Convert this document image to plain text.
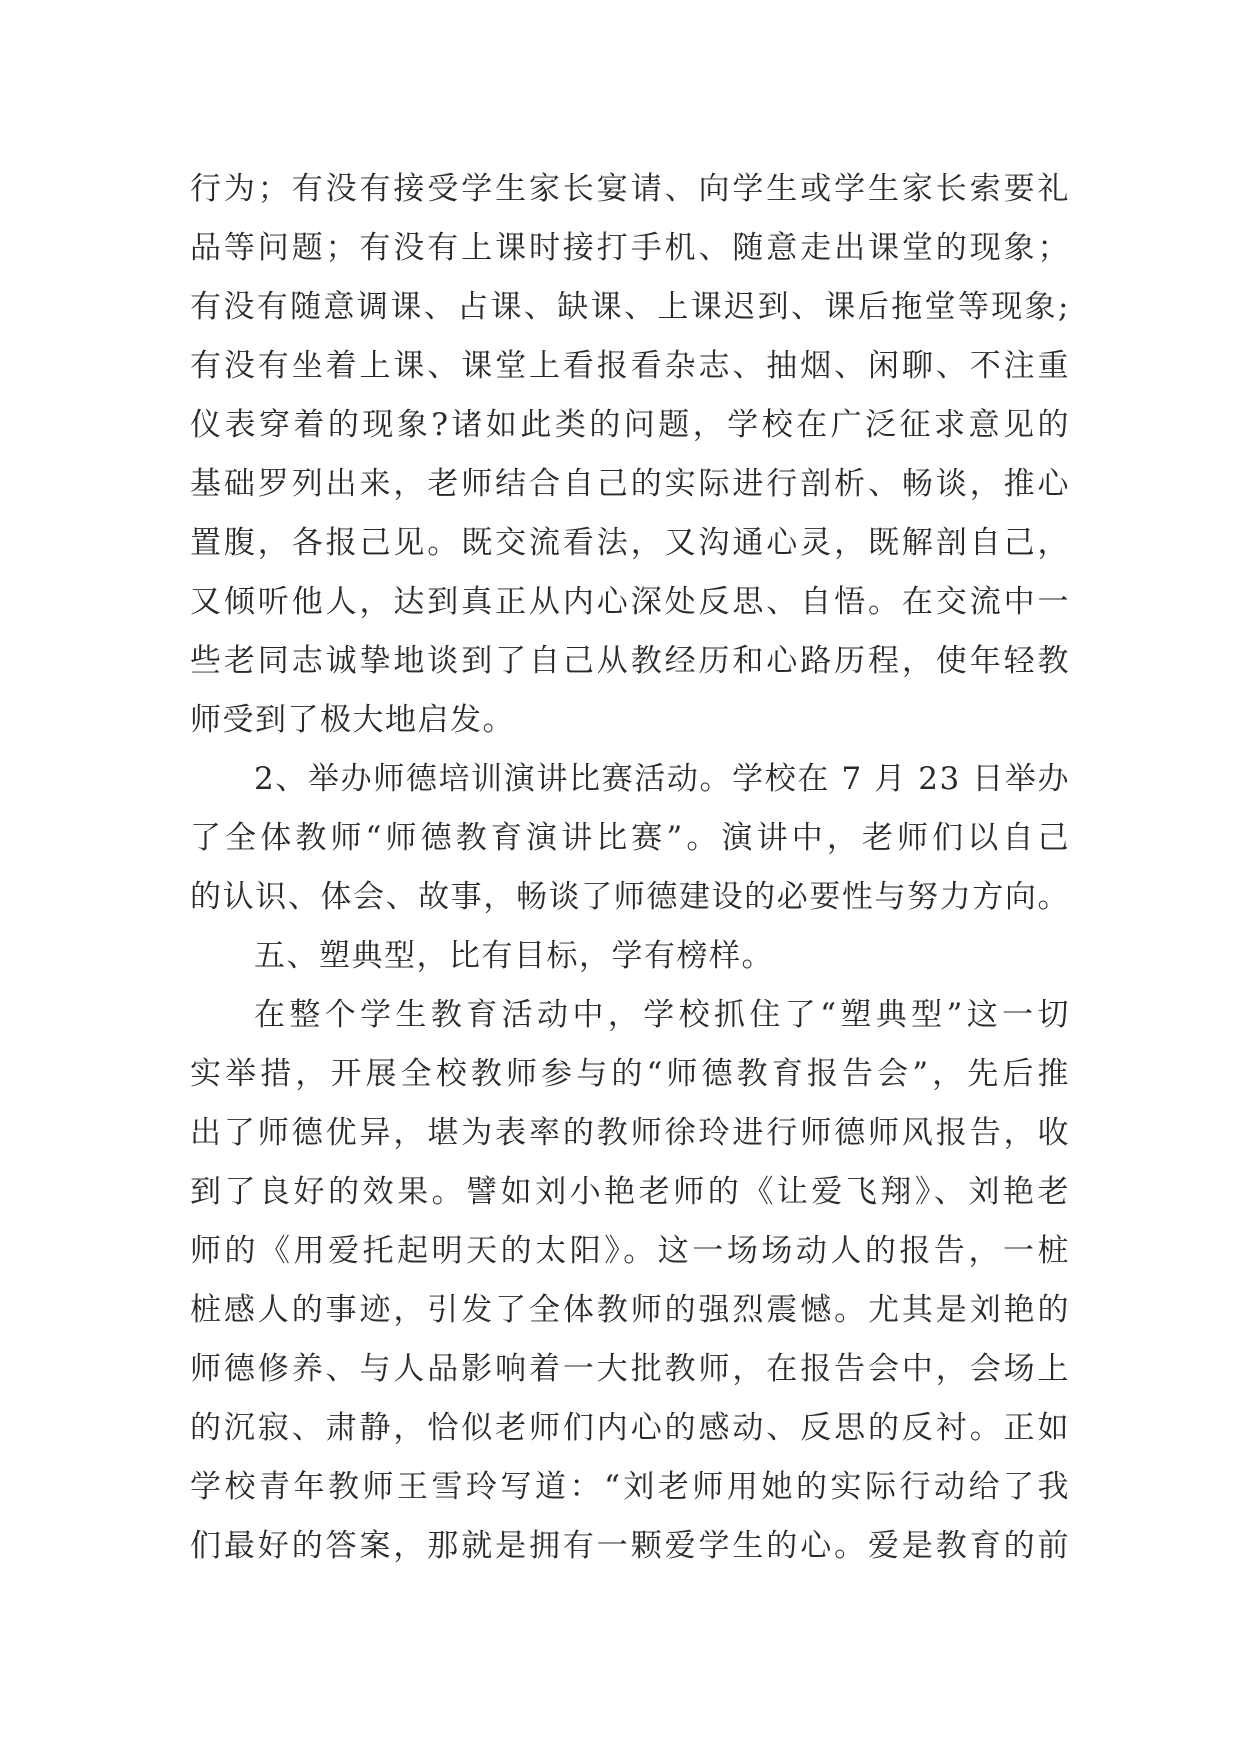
行为；有没有接受学生家长宴请、向学生或学生家长索要礼
品等问题；有没有上课时接打手机、随意走出课堂的现象；
有没有随意调课、占课、缺课、上课迟到、课后拖堂等现象;
有没有坐着上课、课堂上看报看杂志、抽烟、闲聊、不注重
仪表穿着的现象?诸如此类的问题，学校在广泛征求意见的
基础罗列出来，老师结合自己的实际进行剖析、畅谈，推心
置腹，各报己见。既交流看法，又沟通心灵，既解剖自己，
又倾听他人，达到真正从内心深处反思、自悟。在交流中一
些老同志诚挚地谈到了自己从教经历和心路历程，使年轻教
师受到了极大地启发。
2、举办师德培训演讲比赛活动。学校在 7 月 23 日举办
了全体教师“师德教育演讲比赛”。演讲中，老师们以自己
的认识、体会、故事，畅谈了师德建设的必要性与努力方向。
五、塑典型，比有目标，学有榜样。
在整个学生教育活动中，学校抓住了“塑典型”这一切
实举措，开展全校教师参与的“师德教育报告会”，先后推
出了师德优异，堪为表率的教师徐玲进行师德师风报告，收
到了良好的效果。譬如刘小艳老师的《让爱飞翔》、刘艳老
师的《用爱托起明天的太阳》。这一场场动人的报告，一桩
桩感人的事迹，引发了全体教师的强烈震憾。尤其是刘艳的
师德修养、与人品影响着一大批教师，在报告会中，会场上
的沉寂、肃静，恰似老师们内心的感动、反思的反衬。正如
学校青年教师王雪玲写道：“刘老师用她的实际行动给了我
们最好的答案，那就是拥有一颗爱学生的心。爱是教育的前
